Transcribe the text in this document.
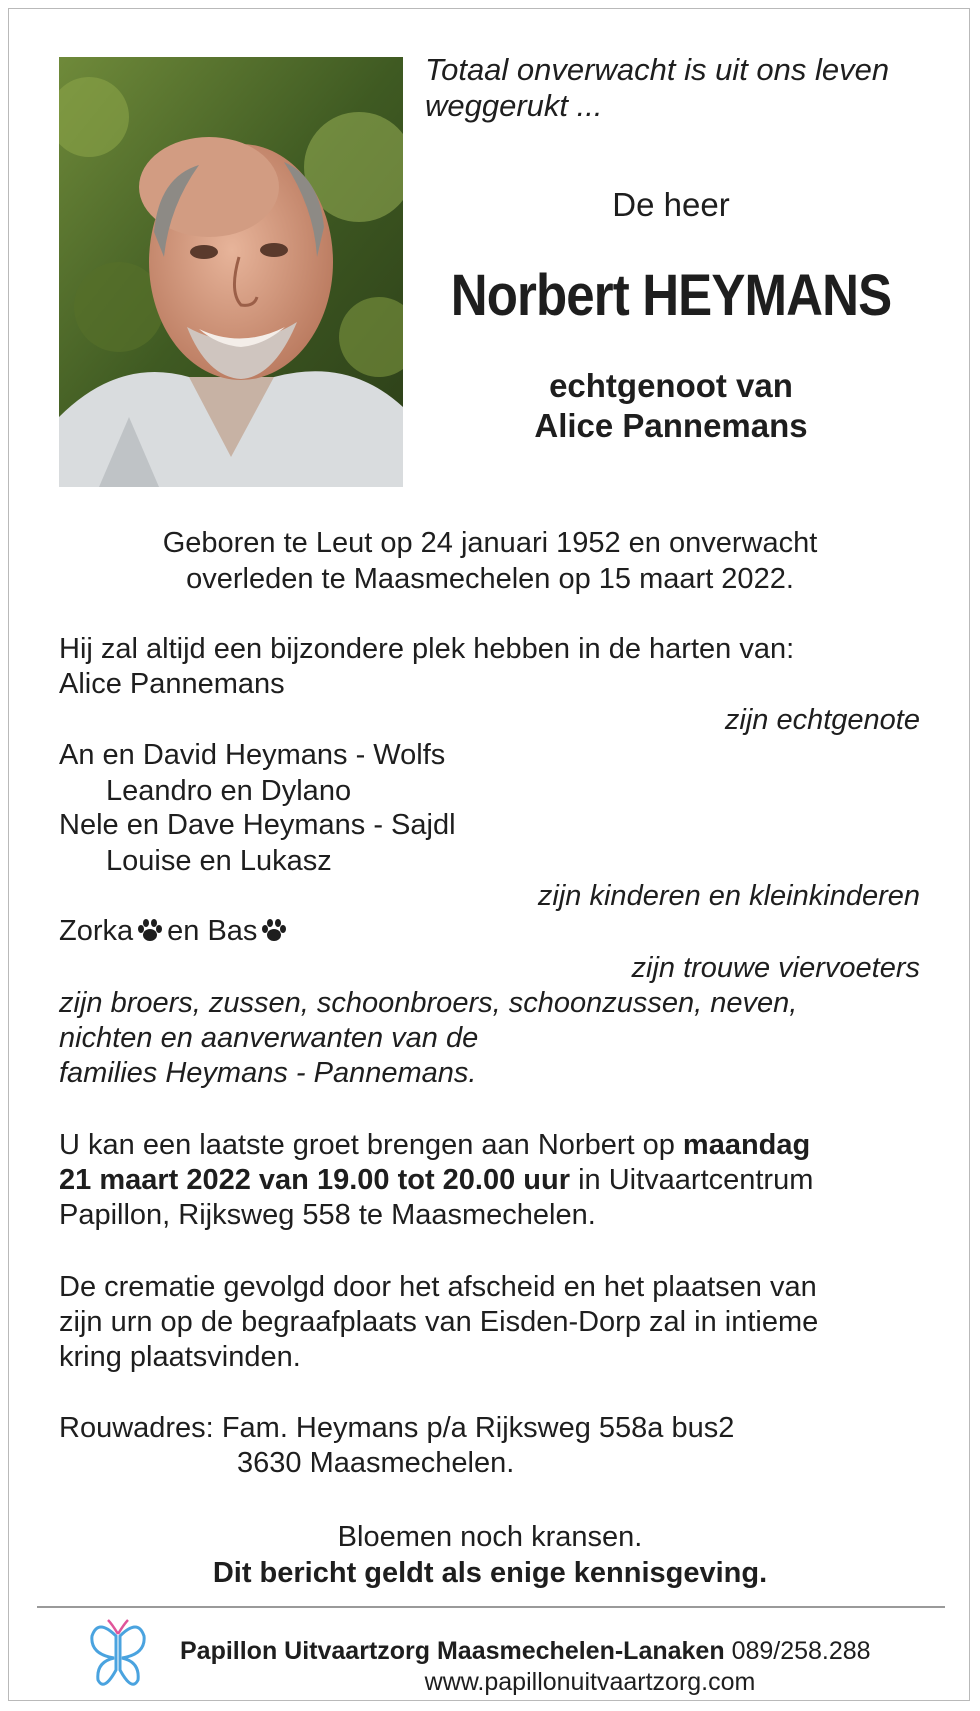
Totaal onverwacht is uit ons leven
weggerukt ...
De heer
Norbert HEYMANS
echtgenoot van
Alice Pannemans
Geboren te Leut op 24 januari 1952 en onverwacht
overleden te Maasmechelen op 15 maart 2022.
Hij zal altijd een bijzondere plek hebben in de harten van:
Alice Pannemans
zijn echtgenote
An en David Heymans - Wolfs
Leandro en Dylano
Nele en Dave Heymans - Sajdl
Louise en Lukasz
zijn kinderen en kleinkinderen
Zorka en Bas
zijn trouwe viervoeters
zijn broers, zussen, schoonbroers, schoonzussen, neven,
nichten en aanverwanten van de
families Heymans - Pannemans.
U kan een laatste groet brengen aan Norbert op maandag
21 maart 2022 van 19.00 tot 20.00 uur in Uitvaartcentrum
Papillon, Rijksweg 558 te Maasmechelen.
De crematie gevolgd door het afscheid en het plaatsen van
zijn urn op de begraafplaats van Eisden-Dorp zal in intieme
kring plaatsvinden.
Rouwadres: Fam. Heymans p/a Rijksweg 558a bus2
3630 Maasmechelen.
Bloemen noch kransen.
Dit bericht geldt als enige kennisgeving.
Papillon Uitvaartzorg Maasmechelen-Lanaken 089/258.288
www.papillonuitvaartzorg.com
